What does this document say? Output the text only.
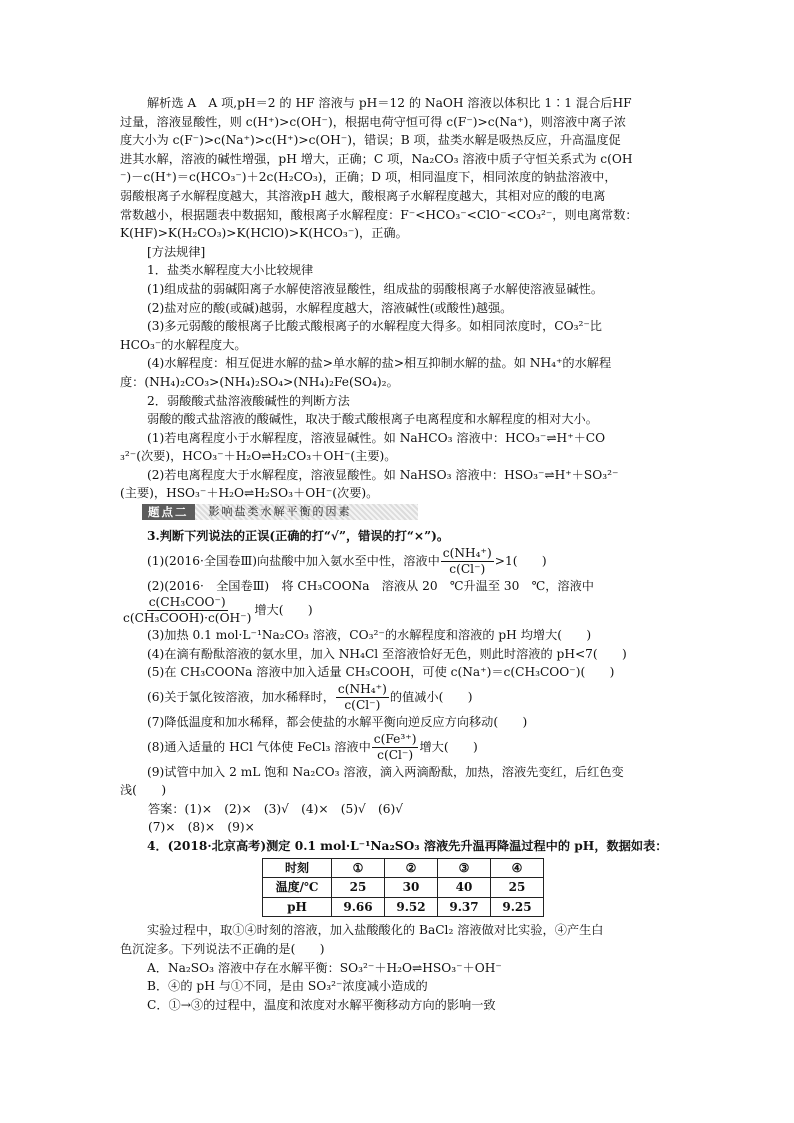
解析选 A　A 项,pH＝2 的 HF 溶液与 pH＝12 的 NaOH 溶液以体积比 1∶1 混合后HF

过量，溶液显酸性，则 c(H⁺)>c(OH⁻)，根据电荷守恒可得 c(F⁻)>c(Na⁺)，则溶液中离子浓

度大小为 c(F⁻)>c(Na⁺)>c(H⁺)>c(OH⁻)，错误；B 项，盐类水解是吸热反应，升高温度促

进其水解，溶液的碱性增强，pH 增大，正确；C 项，Na₂CO₃ 溶液中质子守恒关系式为 c(OH

⁻)－c(H⁺)＝c(HCO₃⁻)＋2c(H₂CO₃)，正确；D 项，相同温度下，相同浓度的钠盐溶液中，

弱酸根离子水解程度越大，其溶液pH 越大，酸根离子水解程度越大，其相对应的酸的电离

常数越小，根据题表中数据知，酸根离子水解程度：F⁻<HCO₃⁻<ClO⁻<CO₃²⁻，则电离常数：

K(HF)>K(H₂CO₃)>K(HClO)>K(HCO₃⁻)，正确。

[方法规律]

1．盐类水解程度大小比较规律

(1)组成盐的弱碱阳离子水解使溶液显酸性，组成盐的弱酸根离子水解使溶液显碱性。

(2)盐对应的酸(或碱)越弱，水解程度越大，溶液碱性(或酸性)越强。

(3)多元弱酸的酸根离子比酸式酸根离子的水解程度大得多。如相同浓度时，CO₃²⁻比

HCO₃⁻的水解程度大。

(4)水解程度：相互促进水解的盐>单水解的盐>相互抑制水解的盐。如 NH₄⁺的水解程

度：(NH₄)₂CO₃>(NH₄)₂SO₄>(NH₄)₂Fe(SO₄)₂。

2．弱酸酸式盐溶液酸碱性的判断方法

弱酸的酸式盐溶液的酸碱性，取决于酸式酸根离子电离程度和水解程度的相对大小。

(1)若电离程度小于水解程度，溶液显碱性。如 NaHCO₃ 溶液中：HCO₃⁻⇌H⁺＋CO

₃²⁻(次要)，HCO₃⁻＋H₂O⇌H₂CO₃＋OH⁻(主要)。

(2)若电离程度大于水解程度，溶液显酸性。如 NaHSO₃ 溶液中：HSO₃⁻⇌H⁺＋SO₃²⁻

(主要)，HSO₃⁻＋H₂O⇌H₂SO₃＋OH⁻(次要)。

题点二	影响盐类水解平衡的因素

3.判断下列说法的正误(正确的打“√”，错误的打“×”)。

(1)(2016·全国卷Ⅲ)向盐酸中加入氨水至中性，溶液中 $\frac{\text{c(NH₄⁺)}}{c(Cl^-)} >1$(　　)

(2)(2016·　全国卷Ⅲ)　将 CH₃COONa　溶液从 20　℃升温至 30　℃，溶液中

$\frac{\text{c(CH₃COO⁻)}}{\text{c(CH₃COOH)·c(OH⁻)}}$ 增大(　　)

(3)加热 0.1 mol·L⁻¹Na₂CO₃ 溶液，CO₃²⁻的水解程度和溶液的 pH 均增大(　　)

(4)在滴有酚酞溶液的氨水里，加入 NH₄Cl 至溶液恰好无色，则此时溶液的 pH<7(　　)

(5)在 CH₃COONa 溶液中加入适量 CH₃COOH，可使 c(Na⁺)＝c(CH₃COO⁻)(　　)

(6)关于氯化铵溶液，加水稀释时， $\frac{\text{c(NH₄⁺)}}{c(Cl^-)}$ 的值减小(　　)

(7)降低温度和加水稀释，都会使盐的水解平衡向逆反应方向移动(　　)

(8)通入适量的 HCl 气体使 FeCl₃ 溶液中 $\frac{\text{c(Fe³⁺)}}{c(Cl^-)}$ 增大(　　)

(9)试管中加入 2 mL 饱和 Na₂CO₃ 溶液，滴入两滴酚酞，加热，溶液先变红，后红色变

浅(　　)

答案：(1)×　(2)×　(3)√　(4)×　(5)√　(6)√

(7)×　(8)×　(9)×

4．(2018·北京高考)测定 0.1 mol·L⁻¹Na₂SO₃ 溶液先升温再降温过程中的 pH，数据如表：

时刻	①	②	③	④
温度/℃	25	30	40	25
pH	9.66	9.52	9.37	9.25

实验过程中，取①④时刻的溶液，加入盐酸酸化的 BaCl₂ 溶液做对比实验，④产生白

色沉淀多。下列说法不正确的是(　　)

A．Na₂SO₃ 溶液中存在水解平衡：SO₃²⁻＋H₂O⇌HSO₃⁻＋OH⁻

B．④的 pH 与①不同，是由 SO₃²⁻浓度减小造成的

C．①→③的过程中，温度和浓度对水解平衡移动方向的影响一致
